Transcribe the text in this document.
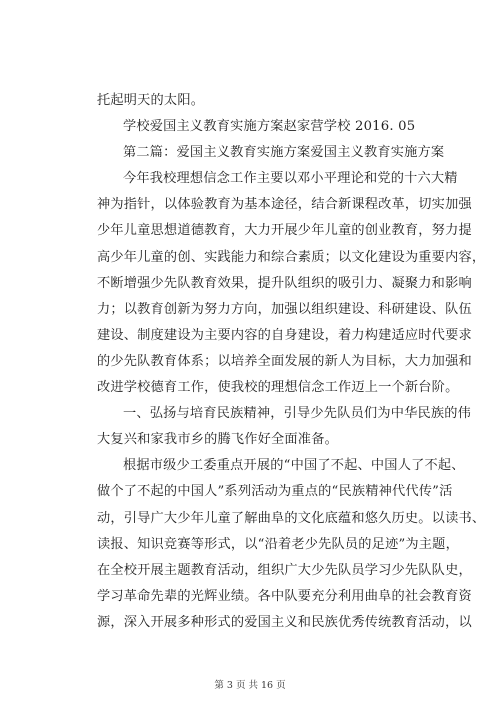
托起明天的太阳。
学校爱国主义教育实施方案赵家营学校 2016. 05
第二篇：爱国主义教育实施方案爱国主义教育实施方案
今年我校理想信念工作主要以邓小平理论和党的十六大精
神为指针，以体验教育为基本途径，结合新课程改革，切实加强
少年儿童思想道德教育，大力开展少年儿童的创业教育，努力提
高少年儿童的创、实践能力和综合素质；以文化建设为重要内容，
不断增强少先队教育效果，提升队组织的吸引力、凝聚力和影响
力；以教育创新为努力方向，加强以组织建设、科研建设、队伍
建设、制度建设为主要内容的自身建设，着力构建适应时代要求
的少先队教育体系；以培养全面发展的新人为目标，大力加强和
改进学校德育工作，使我校的理想信念工作迈上一个新台阶。
一、弘扬与培育民族精神，引导少先队员们为中华民族的伟
大复兴和家我市乡的腾飞作好全面准备。
根据市级少工委重点开展的“中国了不起、中国人了不起、
做个了不起的中国人”系列活动为重点的“民族精神代代传”活
动，引导广大少年儿童了解曲阜的文化底蕴和悠久历史。以读书、
读报、知识竞赛等形式，以“沿着老少先队员的足迹”为主题，
在全校开展主题教育活动，组织广大少先队员学习少先队队史，
学习革命先辈的光辉业绩。各中队要充分利用曲阜的社会教育资
源，深入开展多种形式的爱国主义和民族优秀传统教育活动，以
第 3 页 共 16 页
